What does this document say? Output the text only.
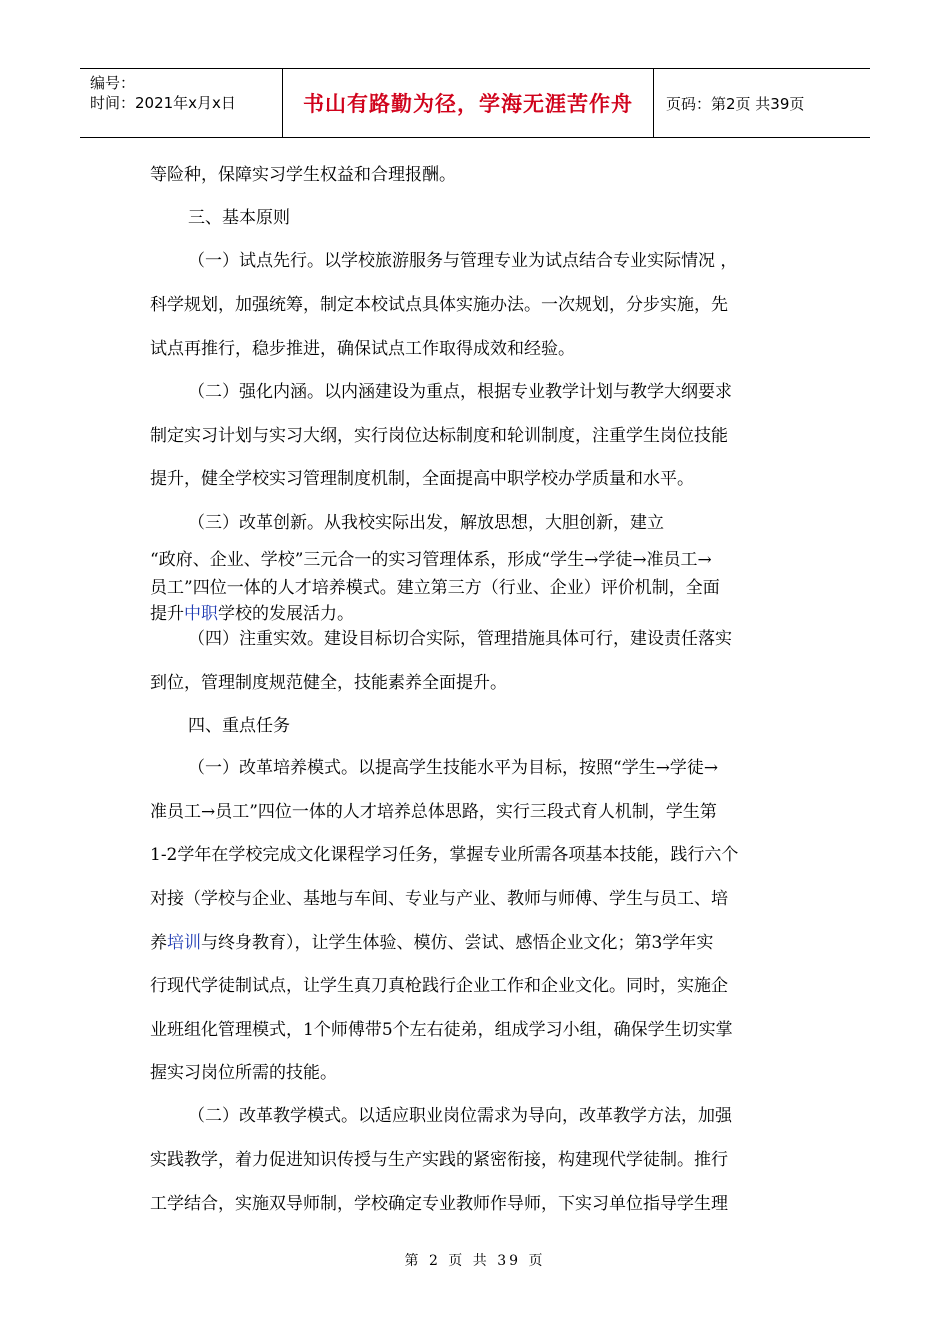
编号：
时间：2021年x月x日	书山有路勤为径，学海无涯苦作舟 页码：第2页 共39页
等险种，保障实习学生权益和合理报酬。
三、基本原则
（一）试点先行。以学校旅游服务与管理专业为试点结合专业实际情况 ，
科学规划，加强统筹，制定本校试点具体实施办法。一次规划，分步实施，先
试点再推行，稳步推进，确保试点工作取得成效和经验。
（二）强化内涵。以内涵建设为重点，根据专业教学计划与教学大纲要求
制定实习计划与实习大纲，实行岗位达标制度和轮训制度，注重学生岗位技能
提升，健全学校实习管理制度机制，全面提高中职学校办学质量和水平。
（三）改革创新。从我校实际出发，解放思想，大胆创新，建立
“政府、企业、学校”三元合一的实习管理体系，形成“学生→学徒→准员工→
员工”四位一体的人才培养模式。建立第三方（行业、企业）评价机制，全面
提升中职学校的发展活力。
（四）注重实效。建设目标切合实际，管理措施具体可行，建设责任落实
到位，管理制度规范健全，技能素养全面提升。
四、重点任务
（一）改革培养模式。以提高学生技能水平为目标，按照“学生→学徒→
准员工→员工”四位一体的人才培养总体思路，实行三段式育人机制，学生第
1-2学年在学校完成文化课程学习任务，掌握专业所需各项基本技能，践行六个
对接（学校与企业、基地与车间、专业与产业、教师与师傅、学生与员工、培
养培训与终身教育），让学生体验、模仿、尝试、感悟企业文化；第3学年实
行现代学徒制试点，让学生真刀真枪践行企业工作和企业文化。同时，实施企
业班组化管理模式，1个师傅带5个左右徒弟，组成学习小组，确保学生切实掌
握实习岗位所需的技能。
（二）改革教学模式。以适应职业岗位需求为导向，改革教学方法，加强
实践教学，着力促进知识传授与生产实践的紧密衔接，构建现代学徒制。推行
工学结合，实施双导师制，学校确定专业教师作导师，下实习单位指导学生理
第 2 页 共 39 页
